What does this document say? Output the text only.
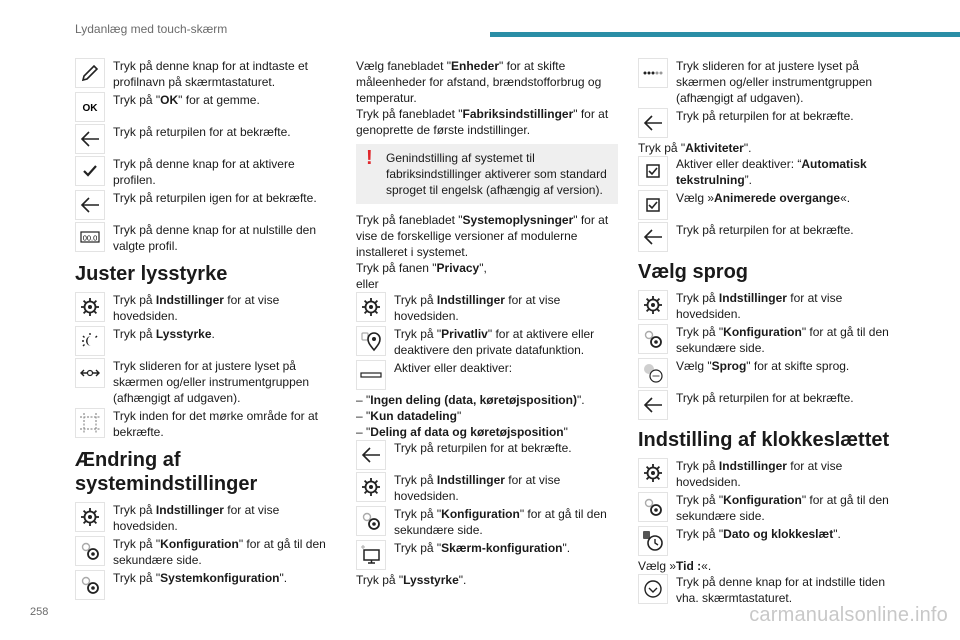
Lydanlæg med touch-skærm
Tryk på denne knap for at indtaste et profilnavn på skærmtastaturet.
OK
Tryk på "OK" for at gemme.
Tryk på returpilen for at bekræfte.
Tryk på denne knap for at aktivere profilen.
Tryk på returpilen igen for at bekræfte.
00.0
Tryk på denne knap for at nulstille den valgte profil.
Juster lysstyrke
Tryk på Indstillinger for at vise hovedsiden.
Tryk på Lysstyrke.
Tryk slideren for at justere lyset på skærmen og/eller instrumentgruppen (afhængigt af udgaven).
Tryk inden for det mørke område for at bekræfte.
Ændring af systemindstillinger
Tryk på Indstillinger for at vise hovedsiden.
Tryk på "Konfiguration" for at gå til den sekundære side.
Tryk på "Systemkonfiguration".

Vælg fanebladet "Enheder" for at skifte måleenheder for afstand, brændstofforbrug og temperatur.

Tryk på fanebladet "Fabriksindstillinger" for at genoprette de første indstillinger.

! Genindstilling af systemet til fabriksindstillinger aktiverer som standard sproget til engelsk (afhængig af version).

Tryk på fanebladet "Systemoplysninger" for at vise de forskellige versioner af modulerne installeret i systemet.

Tryk på fanen "Privacy",

eller

Tryk på Indstillinger for at vise hovedsiden.
Tryk på "Privatliv" for at aktivere eller deaktivere den private datafunktion.
Aktiver eller deaktiver:
– "Ingen deling (data, køretøjsposition)".
– "Kun datadeling"
– "Deling af data og køretøjsposition"
Tryk på returpilen for at bekræfte.
Tryk på Indstillinger for at vise hovedsiden.
Tryk på "Konfiguration" for at gå til den sekundære side.
Tryk på "Skærm-konfiguration".

Tryk på "Lysstyrke".

Tryk slideren for at justere lyset på skærmen og/eller instrumentgruppen (afhængigt af udgaven).
Tryk på returpilen for at bekræfte.

Tryk på "Aktiviteter".

Aktiver eller deaktiver: “Automatisk tekstrulning”.
Vælg »Animerede overgange«.
Tryk på returpilen for at bekræfte.
Vælg sprog
Tryk på Indstillinger for at vise hovedsiden.
Tryk på "Konfiguration" for at gå til den sekundære side.
Vælg "Sprog" for at skifte sprog.
Tryk på returpilen for at bekræfte.
Indstilling af klokkeslættet
Tryk på Indstillinger for at vise hovedsiden.
Tryk på "Konfiguration" for at gå til den sekundære side.
Tryk på "Dato og klokkeslæt".

Vælg »Tid :«.

Tryk på denne knap for at indstille tiden vha. skærmtastaturet.
258	carmanualsonline.info
